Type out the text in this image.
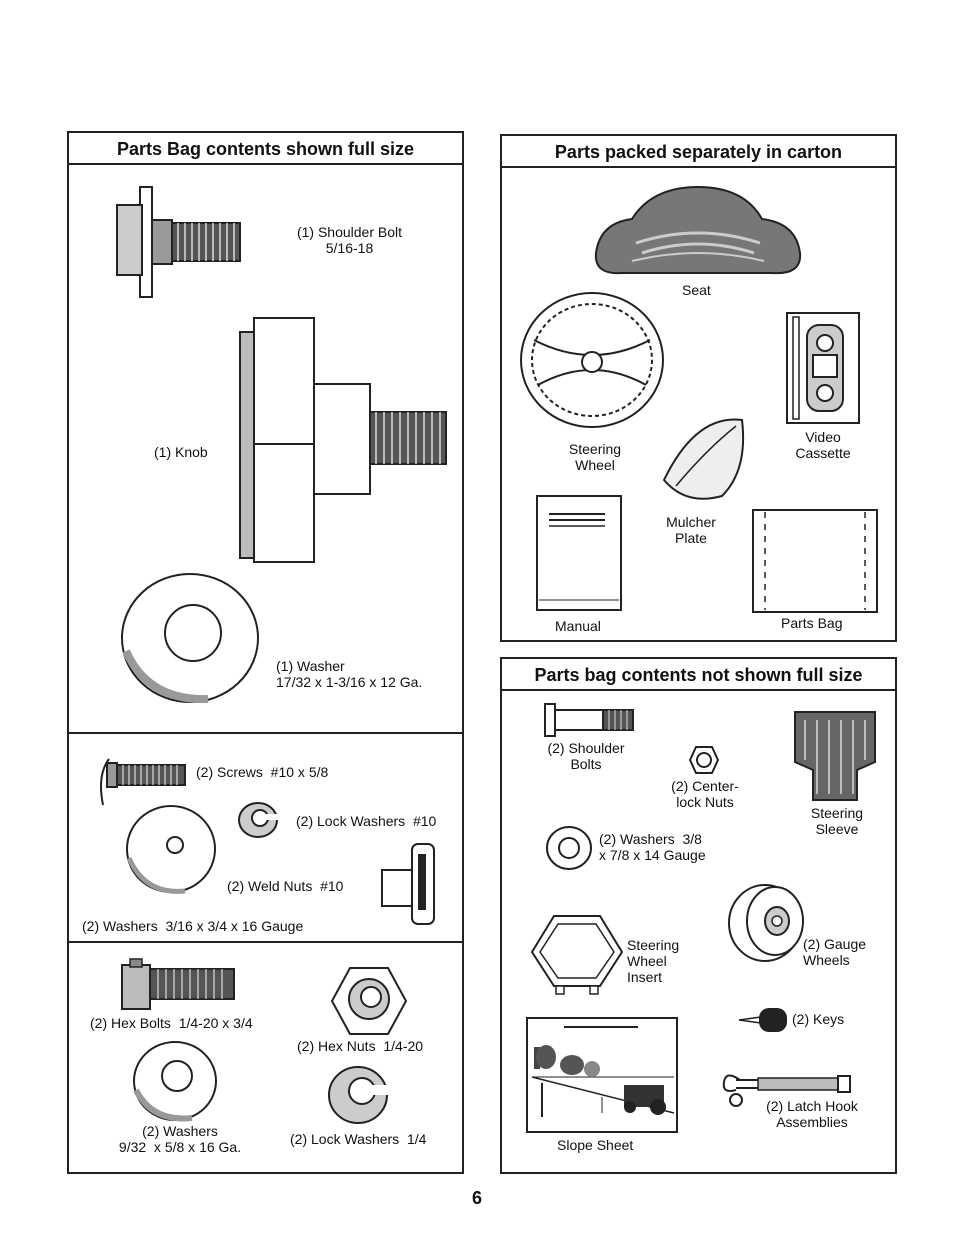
Parts Bag contents shown full size
(1) Shoulder Bolt
5/16-18
(1) Knob
(1) Washer
17/32 x 1-3/16 x 12 Ga.
(2) Screws  #10 x 5/8
(2) Lock Washers  #10
(2) Weld Nuts  #10
(2) Washers  3/16 x 3/4 x 16 Gauge
(2) Hex Bolts  1/4-20 x 3/4
(2) Hex Nuts  1/4-20
(2) Washers
9/32  x 5/8 x 16 Ga.	(2) Lock Washers  1/4
Parts packed separately in carton
Seat
Steering
Wheel
Video
Cassette
Mulcher
Plate
Manual	Parts Bag
Parts bag contents not shown full size
(2) Shoulder
Bolts
(2) Center-
lock Nuts
Steering
Sleeve
(2) Washers  3/8
x 7/8 x 14 Gauge
Steering
Wheel
Insert
(2) Gauge
Wheels
(2) Keys
Slope Sheet
(2) Latch Hook
Assemblies
6
